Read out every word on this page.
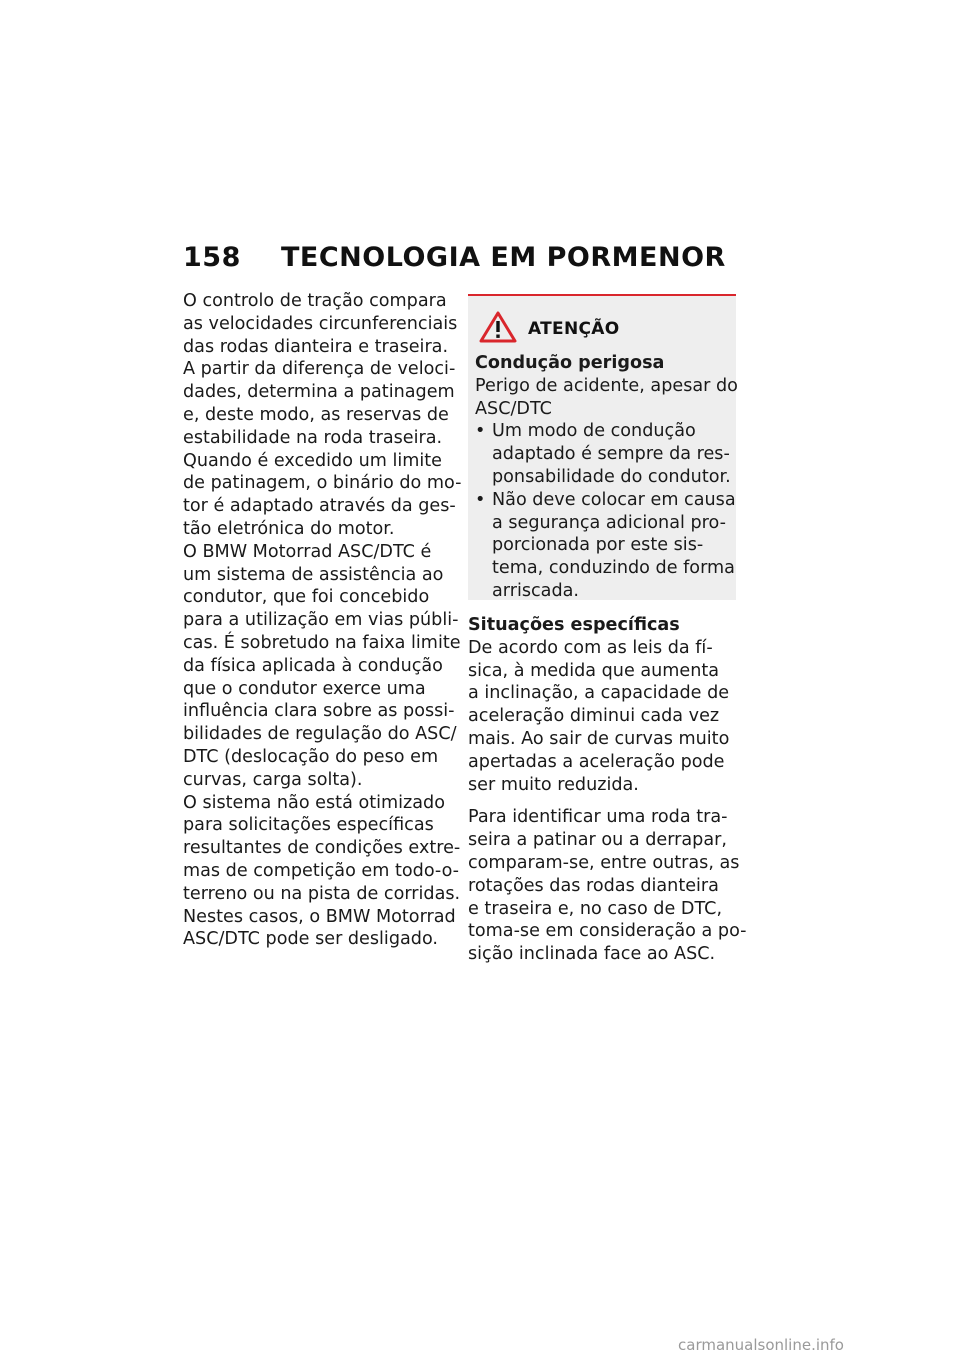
158 TECNOLOGIA EM PORMENOR
O controlo de tração compara
as velocidades circunferenciais
das rodas dianteira e traseira.
A partir da diferença de veloci-
dades, determina a patinagem
e, deste modo, as reservas de
estabilidade na roda traseira.
Quando é excedido um limite
de patinagem, o binário do mo-
tor é adaptado através da ges-
tão eletrónica do motor.
O BMW Motorrad ASC/DTC é
um sistema de assistência ao
condutor, que foi concebido
para a utilização em vias públi-
cas. É sobretudo na faixa limite
da física aplicada à condução
que o condutor exerce uma
influência clara sobre as possi-
bilidades de regulação do ASC/
DTC (deslocação do peso em
curvas, carga solta).
O sistema não está otimizado
para solicitações específicas
resultantes de condições extre-
mas de competição em todo-o-
terreno ou na pista de corridas.
Nestes casos, o BMW Motorrad
ASC/DTC pode ser desligado.
ATENÇÃO
Condução perigosa
Perigo de acidente, apesar do
ASC/DTC
• Um modo de condução
adaptado é sempre da res-
ponsabilidade do condutor.
• Não deve colocar em causa
a segurança adicional pro-
porcionada por este sis-
tema, conduzindo de forma
arriscada.
Situações específicas
De acordo com as leis da fí-
sica, à medida que aumenta
a inclinação, a capacidade de
aceleração diminui cada vez
mais. Ao sair de curvas muito
apertadas a aceleração pode
ser muito reduzida.
Para identificar uma roda tra-
seira a patinar ou a derrapar,
comparam-se, entre outras, as
rotações das rodas dianteira
e traseira e, no caso de DTC,
toma-se em consideração a po-
sição inclinada face ao ASC.
carmanualsonline.info
